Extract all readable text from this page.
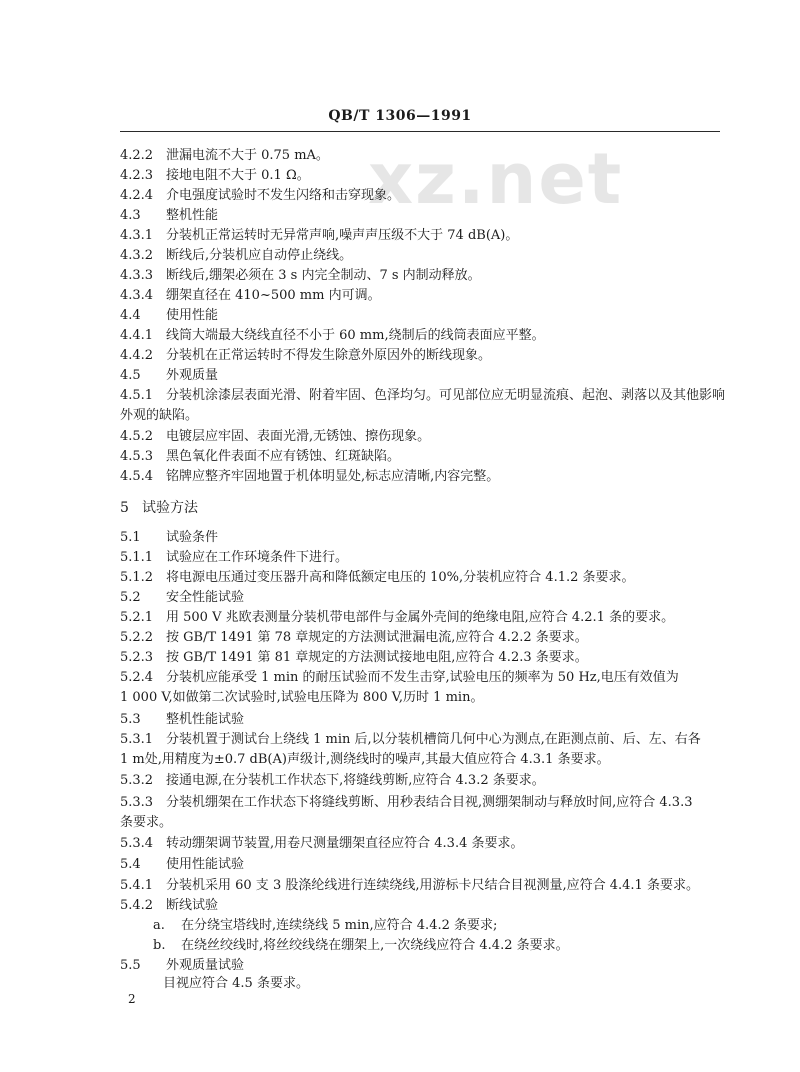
xz.net
QB/T 1306—1991
4.2.2 泄漏电流不大于 0.75 mA。
4.2.3 接地电阻不大于 0.1 Ω。
4.2.4 介电强度试验时不发生闪络和击穿现象。
4.3 整机性能
4.3.1 分装机正常运转时无异常声响,噪声声压级不大于 74 dB(A)。
4.3.2 断线后,分装机应自动停止绕线。
4.3.3 断线后,绷架必须在 3 s 内完全制动、7 s 内制动释放。
4.3.4 绷架直径在 410~500 mm 内可调。
4.4 使用性能
4.4.1 线筒大端最大绕线直径不小于 60 mm,绕制后的线筒表面应平整。
4.4.2 分装机在正常运转时不得发生除意外原因外的断线现象。
4.5 外观质量
4.5.1 分装机涂漆层表面光滑、附着牢固、色泽均匀。可见部位应无明显流痕、起泡、剥落以及其他影响
外观的缺陷。
4.5.2 电镀层应牢固、表面光滑,无锈蚀、擦伤现象。
4.5.3 黑色氧化件表面不应有锈蚀、红斑缺陷。
4.5.4 铭牌应整齐牢固地置于机体明显处,标志应清晰,内容完整。
5 试验方法
5.1 试验条件
5.1.1 试验应在工作环境条件下进行。
5.1.2 将电源电压通过变压器升高和降低额定电压的 10%,分装机应符合 4.1.2 条要求。
5.2 安全性能试验
5.2.1 用 500 V 兆欧表测量分装机带电部件与金属外壳间的绝缘电阻,应符合 4.2.1 条的要求。
5.2.2 按 GB/T 1491 第 78 章规定的方法测试泄漏电流,应符合 4.2.2 条要求。
5.2.3 按 GB/T 1491 第 81 章规定的方法测试接地电阻,应符合 4.2.3 条要求。
5.2.4 分装机应能承受 1 min 的耐压试验而不发生击穿,试验电压的频率为 50 Hz,电压有效值为
1 000 V,如做第二次试验时,试验电压降为 800 V,历时 1 min。
5.3 整机性能试验
5.3.1 分装机置于测试台上绕线 1 min 后,以分装机槽筒几何中心为测点,在距测点前、后、左、右各
1 m处,用精度为±0.7 dB(A)声级计,测绕线时的噪声,其最大值应符合 4.3.1 条要求。
5.3.2 接通电源,在分装机工作状态下,将缝线剪断,应符合 4.3.2 条要求。
5.3.3 分装机绷架在工作状态下将缝线剪断、用秒表结合目视,测绷架制动与释放时间,应符合 4.3.3
条要求。
5.3.4 转动绷架调节装置,用卷尺测量绷架直径应符合 4.3.4 条要求。
5.4 使用性能试验
5.4.1 分装机采用 60 支 3 股涤纶线进行连续绕线,用游标卡尺结合目视测量,应符合 4.4.1 条要求。
5.4.2 断线试验
a. 在分绕宝塔线时,连续绕线 5 min,应符合 4.4.2 条要求;
b. 在绕丝绞线时,将丝绞线绕在绷架上,一次绕线应符合 4.4.2 条要求。
5.5 外观质量试验
目视应符合 4.5 条要求。
2
